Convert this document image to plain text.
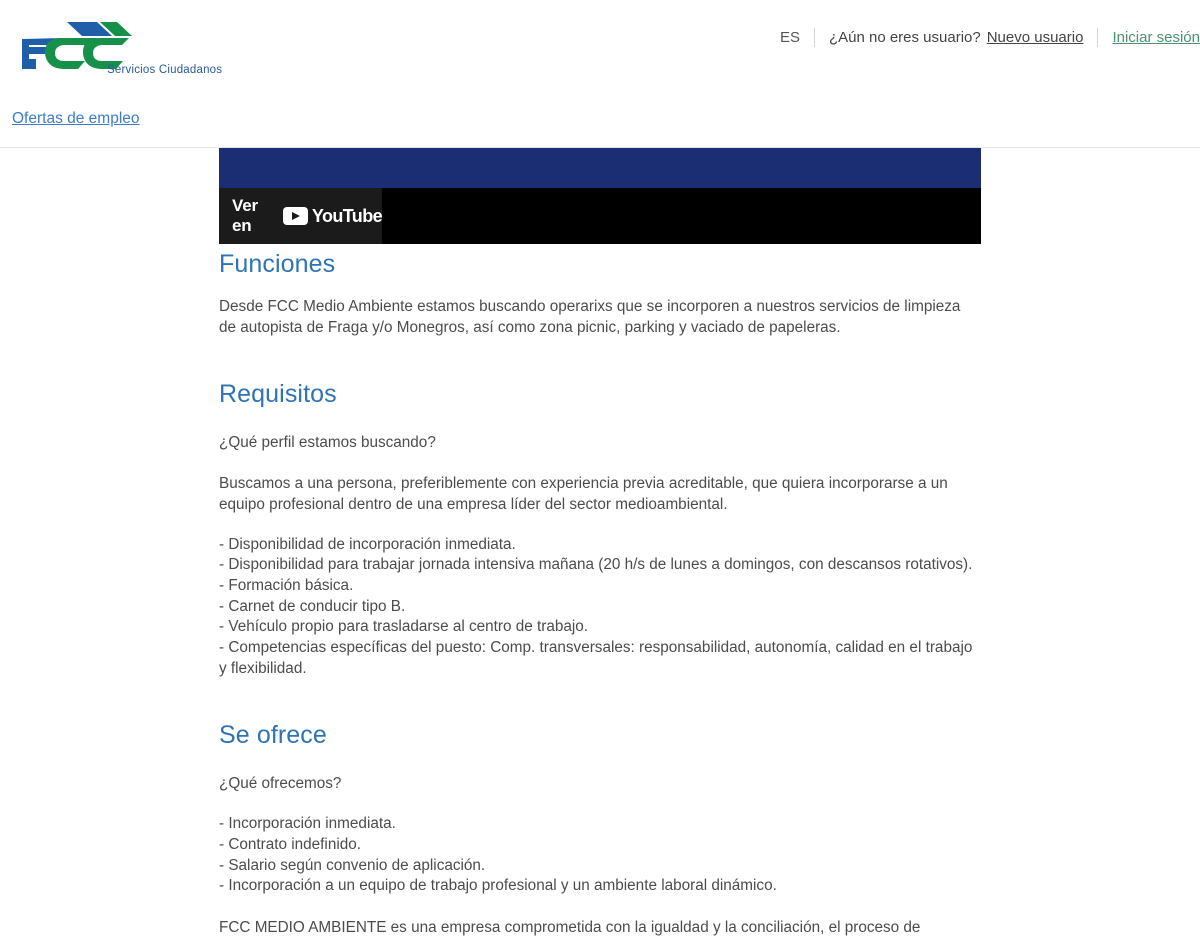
Servicios Ciudadanos
ES	¿Aún no eres usuario? Nuevo usuario Iniciar sesión
Ofertas de empleo
Ver en	YouTube
Funciones

Desde FCC Medio Ambiente estamos buscando operarixs que se incorporen a nuestros servicios de limpieza de autopista de Fraga y/o Monegros, así como zona picnic, parking y vaciado de papeleras.

Requisitos

¿Qué perfil estamos buscando?

Buscamos a una persona, preferiblemente con experiencia previa acreditable, que quiera incorporarse a un equipo profesional dentro de una empresa líder del sector medioambiental.

- Disponibilidad de incorporación inmediata.
- Disponibilidad para trabajar jornada intensiva mañana (20 h/s de lunes a domingos, con descansos rotativos).
- Formación básica.
- Carnet de conducir tipo B.
- Vehículo propio para trasladarse al centro de trabajo.
- Competencias específicas del puesto: Comp. transversales: responsabilidad, autonomía, calidad en el trabajo y flexibilidad.
Se ofrece

¿Qué ofrecemos?

- Incorporación inmediata.
- Contrato indefinido.
- Salario según convenio de aplicación.
- Incorporación a un equipo de trabajo profesional y un ambiente laboral dinámico.

FCC MEDIO AMBIENTE es una empresa comprometida con la igualdad y la conciliación, el proceso de
